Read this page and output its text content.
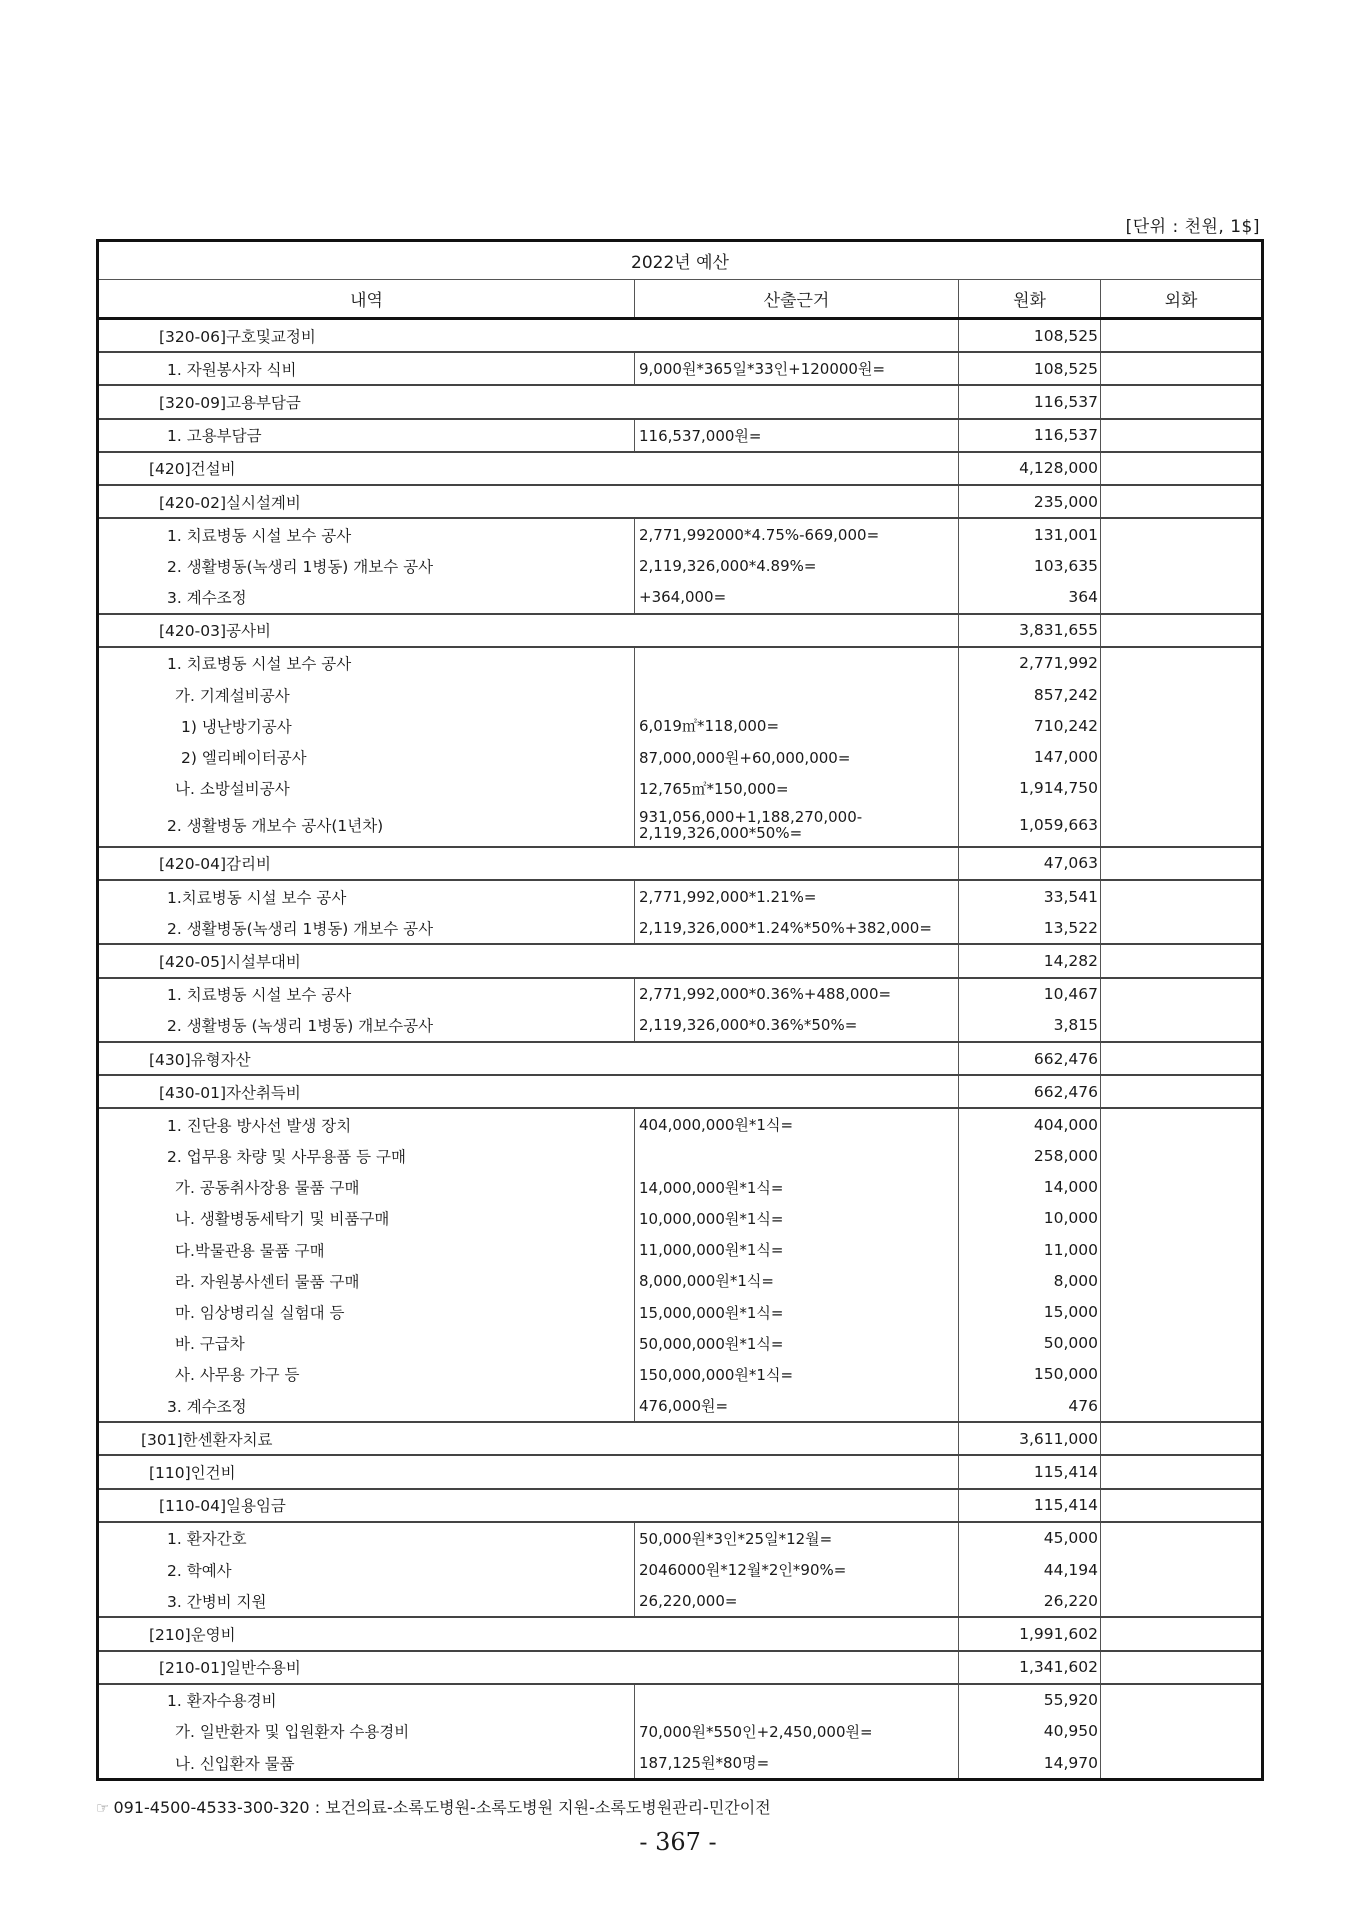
[단위 : 천원, 1$]
2022년 예산			
내역	산출근거	원화	외화
[320-06]구호및교정비		108,525	
1. 자원봉사자 식비	9,000원*365일*33인+120000원=	108,525	
[320-09]고용부담금		116,537	
1. 고용부담금	116,537,000원=	116,537	
[420]건설비		4,128,000	
[420-02]실시설계비		235,000	
1. 치료병동 시설 보수 공사	2,771,992000*4.75%-669,000=	131,001	
2. 생활병동(녹생리 1병동) 개보수 공사	2,119,326,000*4.89%=	103,635	
3. 계수조정	+364,000=	364	
[420-03]공사비		3,831,655	
1. 치료병동 시설 보수 공사		2,771,992	
가. 기계설비공사		857,242	
1) 냉난방기공사	6,019㎡*118,000=	710,242	
2) 엘리베이터공사	87,000,000원+60,000,000=	147,000	
나. 소방설비공사	12,765㎡*150,000=	1,914,750	
2. 생활병동 개보수 공사(1년차)	931,056,000+1,188,270,000-2,119,326,000*50%=	1,059,663	
[420-04]감리비		47,063	
1.치료병동 시설 보수 공사	2,771,992,000*1.21%=	33,541	
2. 생활병동(녹생리 1병동) 개보수 공사	2,119,326,000*1.24%*50%+382,000=	13,522	
[420-05]시설부대비		14,282	
1. 치료병동 시설 보수 공사	2,771,992,000*0.36%+488,000=	10,467	
2. 생활병동 (녹생리 1병동) 개보수공사	2,119,326,000*0.36%*50%=	3,815	
[430]유형자산		662,476	
[430-01]자산취득비		662,476	
1. 진단용 방사선 발생 장치	404,000,000원*1식=	404,000	
2. 업무용 차량 및 사무용품 등 구매		258,000	
가. 공동취사장용 물품 구매	14,000,000원*1식=	14,000	
나. 생활병동세탁기 및 비품구매	10,000,000원*1식=	10,000	
다.박물관용 물품 구매	11,000,000원*1식=	11,000	
라. 자원봉사센터 물품 구매	8,000,000원*1식=	8,000	
마. 임상병리실 실험대 등	15,000,000원*1식=	15,000	
바. 구급차	50,000,000원*1식=	50,000	
사. 사무용 가구 등	150,000,000원*1식=	150,000	
3. 계수조정	476,000원=	476	
[301]한센환자치료		3,611,000	
[110]인건비		115,414	
[110-04]일용임금		115,414	
1. 환자간호	50,000원*3인*25일*12월=	45,000	
2. 학예사	2046000원*12월*2인*90%=	44,194	
3. 간병비 지원	26,220,000=	26,220	
[210]운영비		1,991,602	
[210-01]일반수용비		1,341,602	
1. 환자수용경비		55,920	
가. 일반환자 및 입원환자 수용경비	70,000원*550인+2,450,000원=	40,950	
나. 신입환자 물품	187,125원*80명=	14,970	
☞ 091-4500-4533-300-320 : 보건의료-소록도병원-소록도병원 지원-소록도병원관리-민간이전
- 367 -
